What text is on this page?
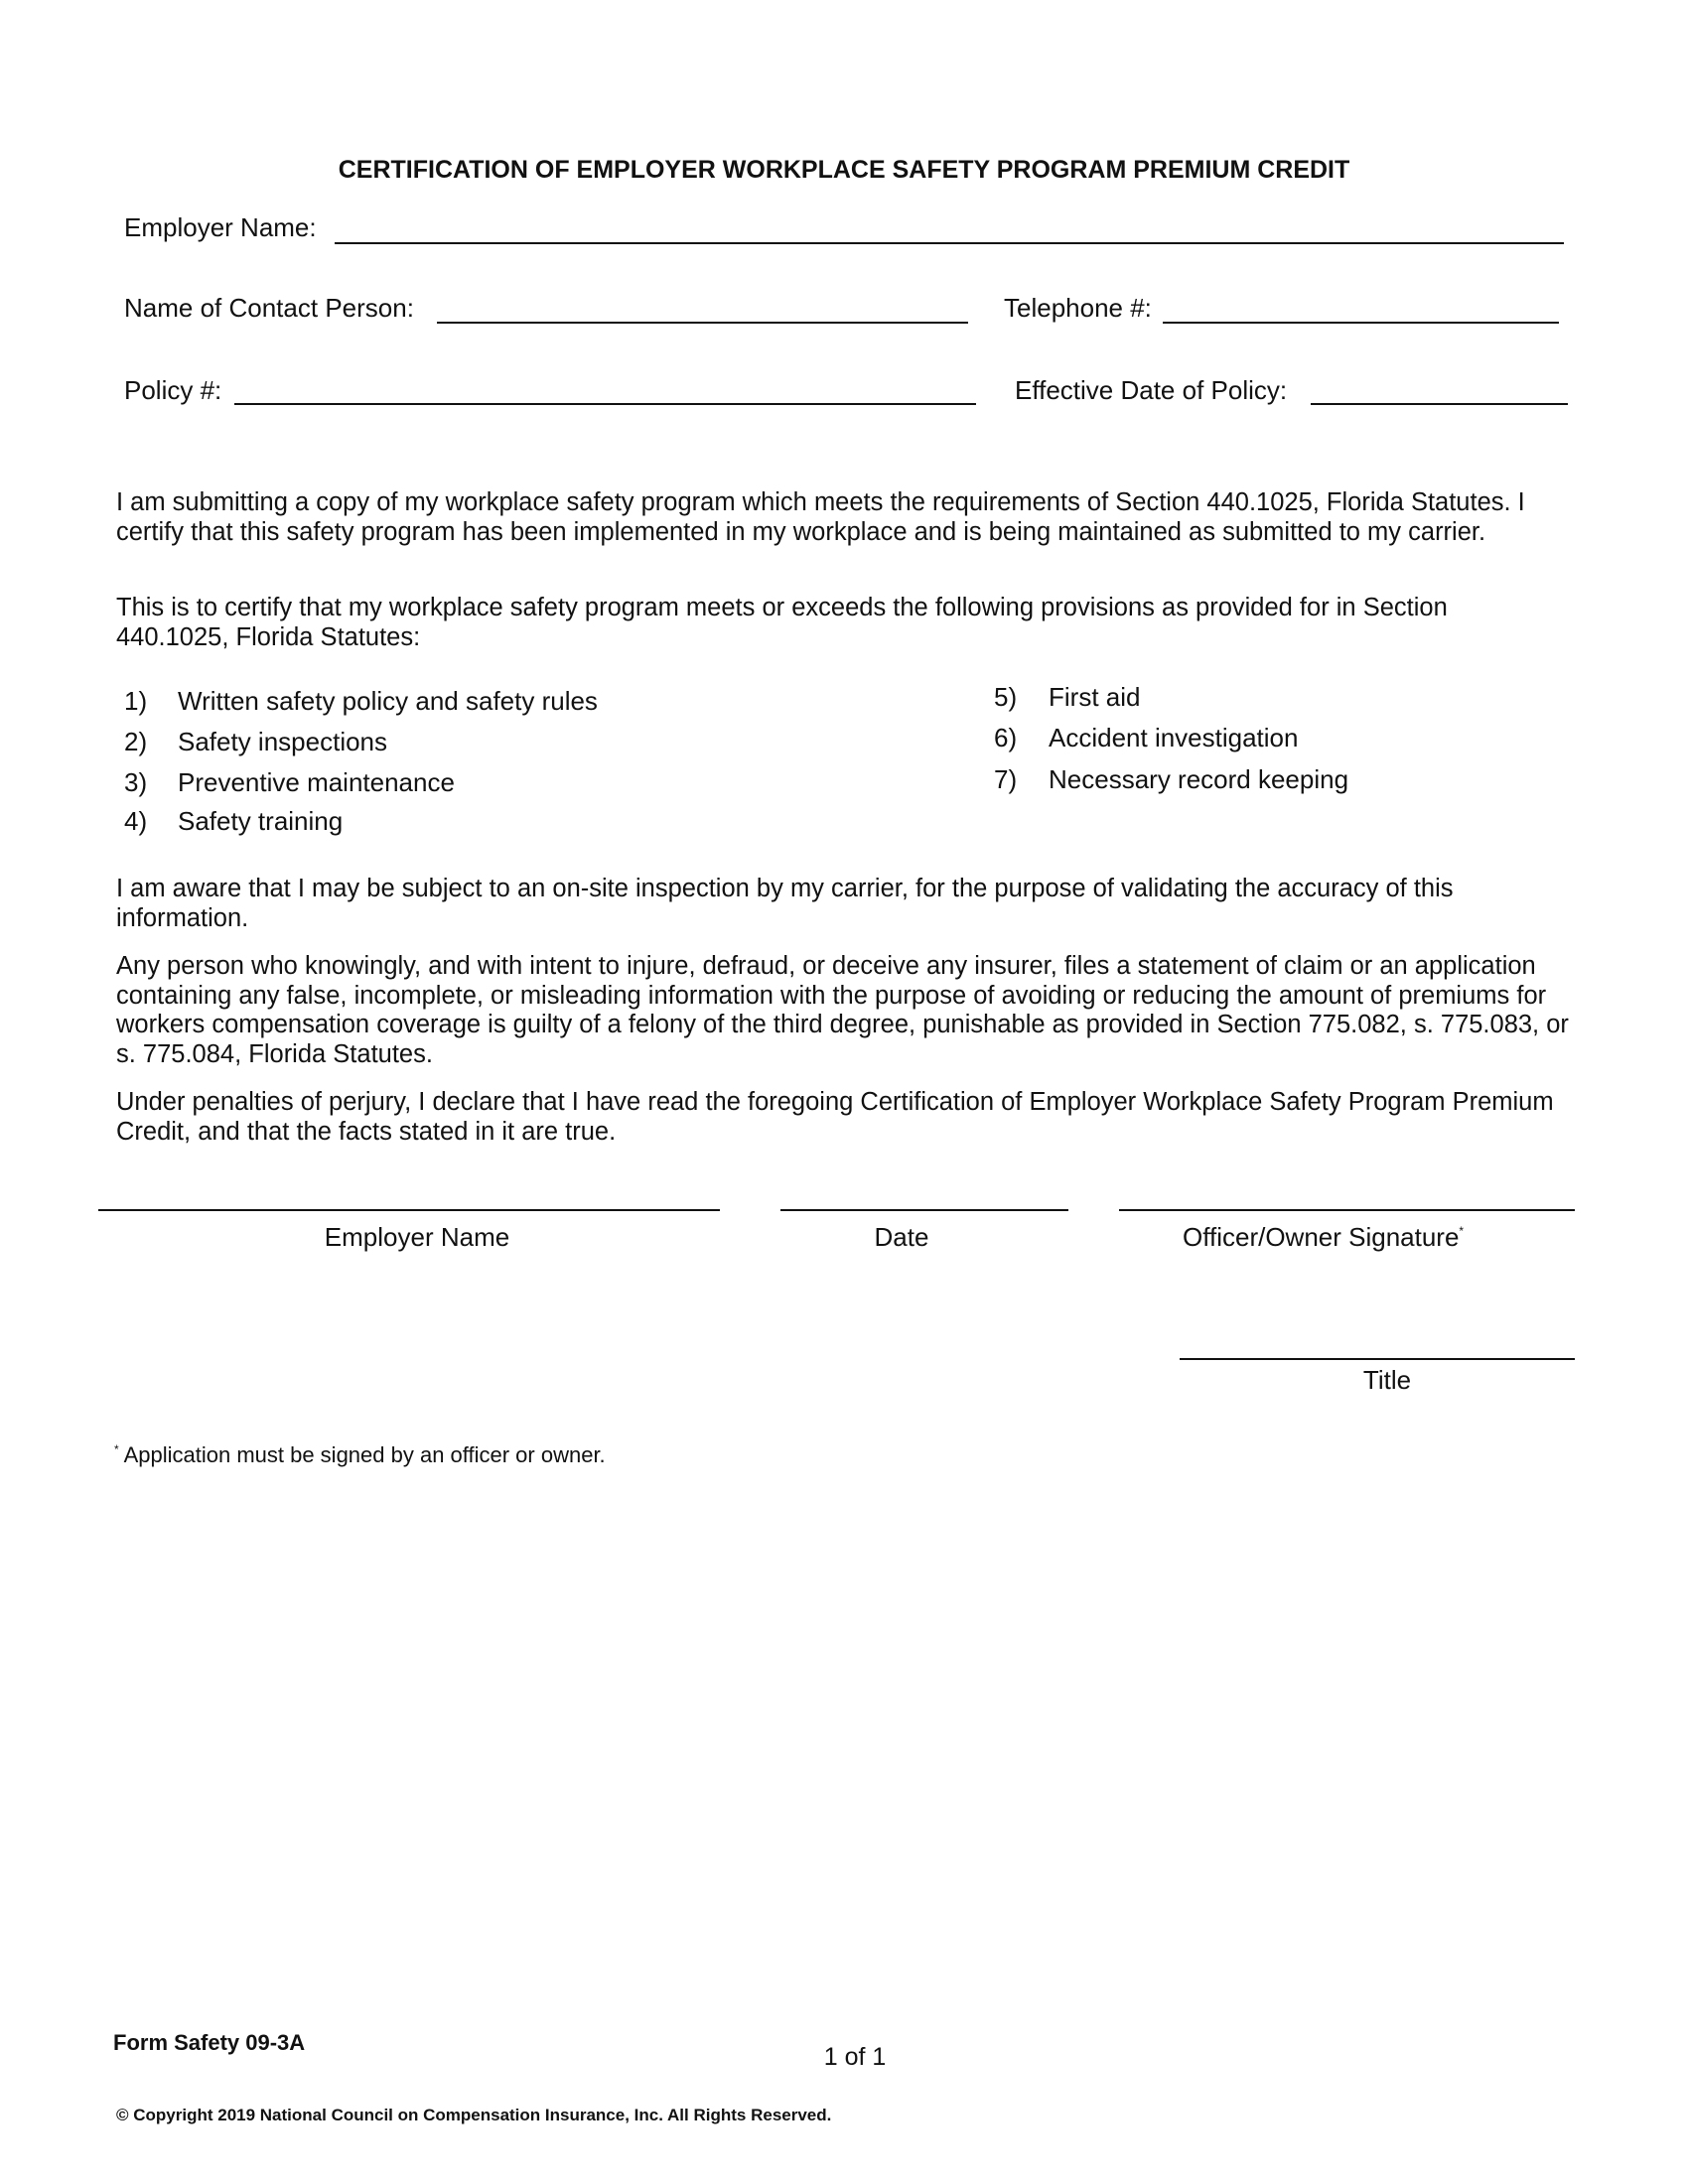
CERTIFICATION OF EMPLOYER WORKPLACE SAFETY PROGRAM PREMIUM CREDIT
Employer Name:
Name of Contact Person:	Telephone #:
Policy #:	Effective Date of Policy:
I am submitting a copy of my workplace safety program which meets the requirements of Section 440.1025, Florida Statutes. I certify that this safety program has been implemented in my workplace and is being maintained as submitted to my carrier.
This is to certify that my workplace safety program meets or exceeds the following provisions as provided for in Section 440.1025, Florida Statutes:
1) Written safety policy and safety rules
2) Safety inspections
3) Preventive maintenance
4) Safety training
5) First aid
6) Accident investigation
7) Necessary record keeping
I am aware that I may be subject to an on-site inspection by my carrier, for the purpose of validating the accuracy of this information.
Any person who knowingly, and with intent to injure, defraud, or deceive any insurer, files a statement of claim or an application containing any false, incomplete, or misleading information with the purpose of avoiding or reducing the amount of premiums for workers compensation coverage is guilty of a felony of the third degree, punishable as provided in Section 775.082, s. 775.083, or s. 775.084, Florida Statutes.
Under penalties of perjury, I declare that I have read the foregoing Certification of Employer Workplace Safety Program Premium Credit, and that the facts stated in it are true.
Employer Name	Date	Officer/Owner Signature*
Title
* Application must be signed by an officer or owner.
Form Safety 09-3A
1 of 1
© Copyright 2019 National Council on Compensation Insurance, Inc. All Rights Reserved.
